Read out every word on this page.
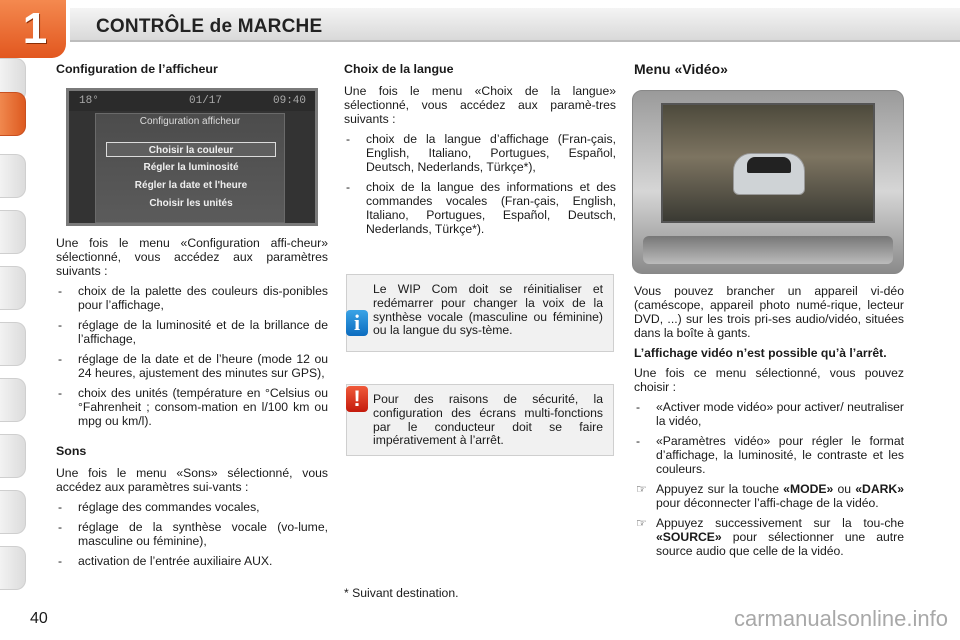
1	CONTRÔLE de MARCHE
Configuration de l’afficheur
18°	01/17	09:40
Configuration afficheur
Choisir la couleur
Régler la luminosité
Régler la date et l'heure
Choisir les unités

Une fois le menu «Configuration affi-cheur» sélectionné, vous accédez aux paramètres suivants :

- choix de la palette des couleurs dis-ponibles pour l’affichage,
- réglage de la luminosité et de la brillance de l’affichage,
- réglage de la date et de l’heure (mode 12 ou 24 heures, ajustement des minutes sur GPS),
- choix des unités (température en °Celsius ou °Fahrenheit ; consom-mation en l/100 km ou mpg ou km/l).
Sons

Une fois le menu «Sons» sélectionné, vous accédez aux paramètres sui-vants :

- réglage des commandes vocales,
- réglage de la synthèse vocale (vo-lume, masculine ou féminine),
- activation de l’entrée auxiliaire AUX.
Choix de la langue

Une fois le menu «Choix de la langue» sélectionné, vous accédez aux paramè-tres suivants :

- choix de la langue d’affichage (Fran-çais, English, Italiano, Portugues, Español, Deutsch, Nederlands, Türkçe*),
- choix de la langue des informations et des commandes vocales (Fran-çais, English, Italiano, Portugues, Español, Deutsch, Nederlands, Türkçe*).
Le WIP Com doit se réinitialiser et redémarrer pour changer la voix de la synthèse vocale (masculine ou féminine) ou la langue du sys-tème.
i
Pour des raisons de sécurité, la configuration des écrans multi-fonctions par le conducteur doit se faire impérativement à l’arrêt.
!
* Suivant destination.
Menu «Vidéo»

Vous pouvez brancher un appareil vi-déo (caméscope, appareil photo numé-rique, lecteur DVD, ...) sur les trois pri-ses audio/vidéo, situées dans la boîte à gants.

L’affichage vidéo n’est possible qu’à l’arrêt.

Une fois ce menu sélectionné, vous pouvez choisir :

- «Activer mode vidéo» pour activer/ neutraliser la vidéo,
- «Paramètres vidéo» pour régler le format d’affichage, la luminosité, le contraste et les couleurs.
☞ Appuyez sur la touche «MODE» ou «DARK» pour déconnecter l’affi-chage de la vidéo.
☞ Appuyez successivement sur la tou-che «SOURCE» pour sélectionner une autre source audio que celle de la vidéo.
40	carmanualsonline.info
